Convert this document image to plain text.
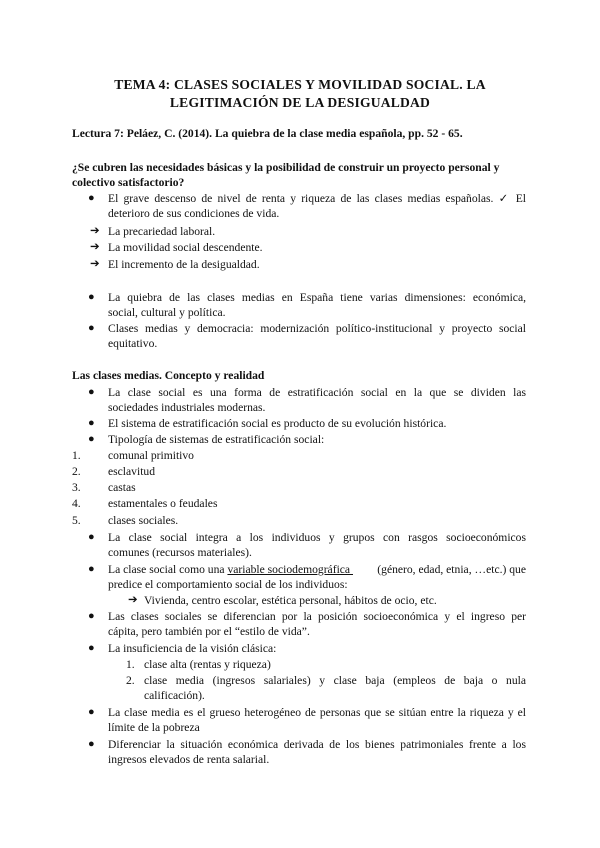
TEMA 4: CLASES SOCIALES Y MOVILIDAD SOCIAL. LA
LEGITIMACIÓN DE LA DESIGUALDAD
Lectura 7: Peláez, C. (2014). La quiebra de la clase media española, pp. 52 - 65.
¿Se cubren las necesidades básicas y la posibilidad de construir un proyecto personal y
colectivo satisfactorio?
● El grave descenso de nivel de renta y riqueza de las clases medias españolas. ✓ El
deterioro de sus condiciones de vida.
➔ La precariedad laboral.
➔ La movilidad social descendente.
➔ El incremento de la desigualdad.
● La quiebra de las clases medias en España tiene varias dimensiones: económica,
social, cultural y política.
● Clases medias y democracia: modernización político-institucional y proyecto social
equitativo.
Las clases medias. Concepto y realidad
● La clase social es una forma de estratificación social en la que se dividen las
sociedades industriales modernas.
● El sistema de estratificación social es producto de su evolución histórica.
● Tipología de sistemas de estratificación social:
1. comunal primitivo
2. esclavitud
3. castas
4. estamentales o feudales
5. clases sociales.
● La clase social integra a los individuos y grupos con rasgos socioeconómicos
comunes (recursos materiales).
● La clase social como una variable sociodemográfica (género, edad, etnia, …etc.) que
predice el comportamiento social de los individuos:
➔ Vivienda, centro escolar, estética personal, hábitos de ocio, etc.
● Las clases sociales se diferencian por la posición socioeconómica y el ingreso per
cápita, pero también por el “estilo de vida”.
● La insuficiencia de la visión clásica:
1. clase alta (rentas y riqueza)
2. clase media (ingresos salariales) y clase baja (empleos de baja o nula
calificación).
● La clase media es el grueso heterogéneo de personas que se sitúan entre la riqueza y el
límite de la pobreza
● Diferenciar la situación económica derivada de los bienes patrimoniales frente a los
ingresos elevados de renta salarial.
